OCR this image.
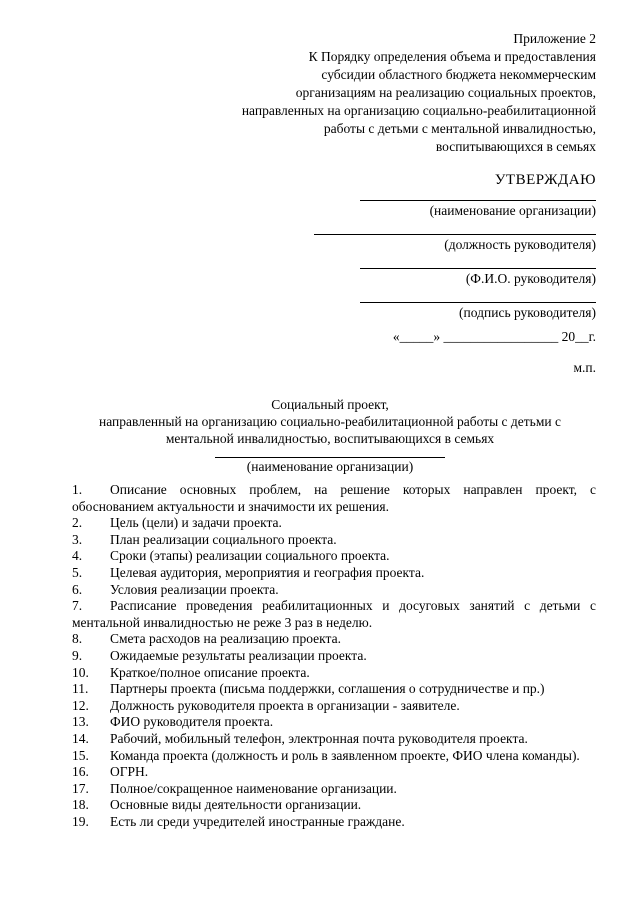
Приложение 2
К Порядку определения объема и предоставления
субсидии областного бюджета некоммерческим
организациям на реализацию социальных проектов,
направленных на организацию социально-реабилитационной
работы с детьми с ментальной инвалидностью,
воспитывающихся в семьях
УТВЕРЖДАЮ
(наименование организации)
(должность руководителя)
(Ф.И.О. руководителя)
(подпись руководителя)
«_____» _________________ 20__г.
м.п.
Социальный проект,
направленный на организацию социально-реабилитационной работы с детьми с
ментальной инвалидностью, воспитывающихся в семьях
(наименование организации)
1. Описание основных проблем, на решение которых направлен проект, с обоснованием актуальности и значимости их решения.
2. Цель (цели) и задачи проекта.
3. План реализации социального проекта.
4. Сроки (этапы) реализации социального проекта.
5. Целевая аудитория, мероприятия и география проекта.
6. Условия реализации проекта.
7. Расписание проведения реабилитационных и досуговых занятий с детьми с ментальной инвалидностью не реже 3 раз в неделю.
8. Смета расходов на реализацию проекта.
9. Ожидаемые результаты реализации проекта.
10. Краткое/полное описание проекта.
11. Партнеры проекта (письма поддержки, соглашения о сотрудничестве и пр.)
12. Должность руководителя проекта в организации - заявителе.
13. ФИО руководителя проекта.
14. Рабочий, мобильный телефон, электронная почта руководителя проекта.
15. Команда проекта (должность и роль в заявленном проекте, ФИО члена команды).
16. ОГРН.
17. Полное/сокращенное наименование организации.
18. Основные виды деятельности организации.
19. Есть ли среди учредителей иностранные граждане.
